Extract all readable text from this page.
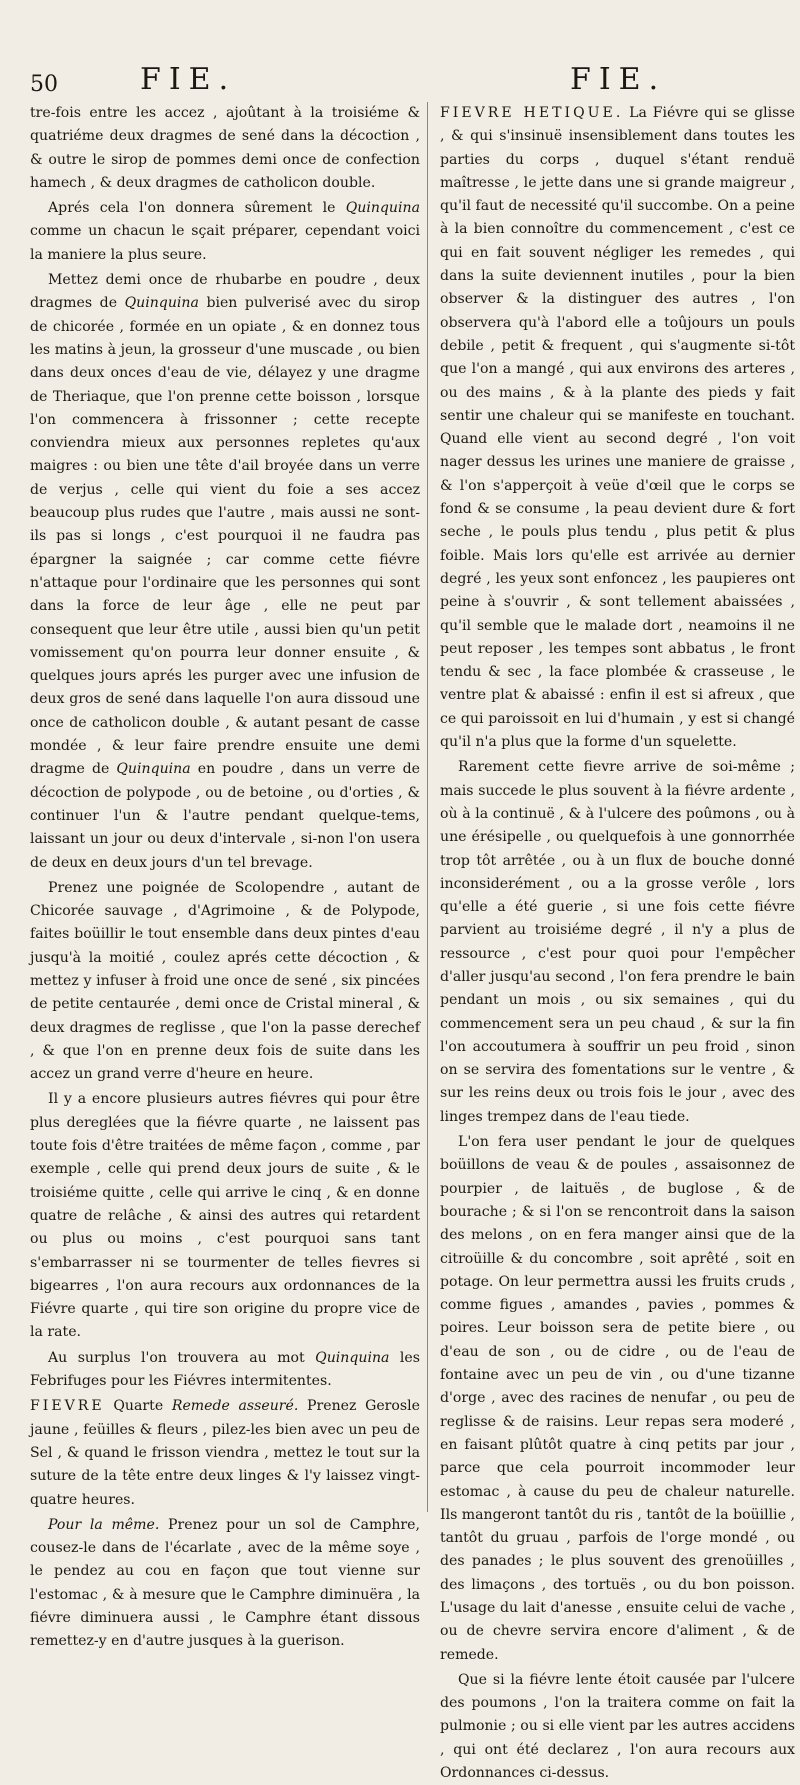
50	FIE.	FIE.

tre-fois entre les accez , ajoûtant à la troisiéme & quatriéme deux dragmes de sené dans la décoction , & outre le sirop de pommes demi once de confection hamech , & deux dragmes de catholicon double.

Aprés cela l'on donnera sûrement le Quinquina comme un chacun le sçait préparer, cependant voici la maniere la plus seure.

Mettez demi once de rhubarbe en poudre , deux dragmes de Quinquina bien pulverisé avec du sirop de chicorée , formée en un opiate , & en donnez tous les matins à jeun, la grosseur d'une muscade , ou bien dans deux onces d'eau de vie, délayez y une dragme de Theriaque, que l'on prenne cette boisson , lorsque l'on commencera à frissonner ; cette recepte conviendra mieux aux personnes repletes qu'aux maigres : ou bien une tête d'ail broyée dans un verre de verjus , celle qui vient du foie a ses accez beaucoup plus rudes que l'autre , mais aussi ne sont-ils pas si longs , c'est pourquoi il ne faudra pas épargner la saignée ; car comme cette fiévre n'attaque pour l'ordinaire que les personnes qui sont dans la force de leur âge , elle ne peut par consequent que leur être utile , aussi bien qu'un petit vomissement qu'on pourra leur donner ensuite , & quelques jours aprés les purger avec une infusion de deux gros de sené dans laquelle l'on aura dissoud une once de catholicon double , & autant pesant de casse mondée , & leur faire prendre ensuite une demi dragme de Quinquina en poudre , dans un verre de décoction de polypode , ou de betoine , ou d'orties , & continuer l'un & l'autre pendant quelque-tems, laissant un jour ou deux d'intervale , si-non l'on usera de deux en deux jours d'un tel brevage.

Prenez une poignée de Scolopendre , autant de Chicorée sauvage , d'Agrimoine , & de Polypode, faites boüillir le tout ensemble dans deux pintes d'eau jusqu'à la moitié , coulez aprés cette décoction , & mettez y infuser à froid une once de sené , six pincées de petite centaurée , demi once de Cristal mineral , & deux dragmes de reglisse , que l'on la passe derechef , & que l'on en prenne deux fois de suite dans les accez un grand verre d'heure en heure.

Il y a encore plusieurs autres fiévres qui pour être plus dereglées que la fiévre quarte , ne laissent pas toute fois d'être traitées de même façon , comme , par exemple , celle qui prend deux jours de suite , & le troisiéme quitte , celle qui arrive le cinq , & en donne quatre de relâche , & ainsi des autres qui retardent ou plus ou moins , c'est pourquoi sans tant s'embarrasser ni se tourmenter de telles fievres si bigearres , l'on aura recours aux ordonnances de la Fiévre quarte , qui tire son origine du propre vice de la rate.

Au surplus l'on trouvera au mot Quinquina les Febrifuges pour les Fiévres intermitentes.

FIEVRE Quarte Remede asseuré. Prenez Gerosle jaune , feüilles & fleurs , pilez-les bien avec un peu de Sel , & quand le frisson viendra , mettez le tout sur la suture de la tête entre deux linges & l'y laissez vingt-quatre heures.

Pour la même. Prenez pour un sol de Camphre, cousez-le dans de l'écarlate , avec de la même soye , le pendez au cou en façon que tout vienne sur l'estomac , & à mesure que le Camphre diminuëra , la fiévre diminuera aussi , le Camphre étant dissous remettez-y en d'autre jusques à la guerison.

FIEVRE HETIQUE. La Fiévre qui se glisse , & qui s'insinuë insensiblement dans toutes les parties du corps , duquel s'étant renduë maîtresse , le jette dans une si grande maigreur , qu'il faut de necessité qu'il succombe. On a peine à la bien connoître du commencement , c'est ce qui en fait souvent négliger les remedes , qui dans la suite deviennent inutiles , pour la bien observer & la distinguer des autres , l'on observera qu'à l'abord elle a toûjours un pouls debile , petit & frequent , qui s'augmente si-tôt que l'on a mangé , qui aux environs des arteres , ou des mains , & à la plante des pieds y fait sentir une chaleur qui se manifeste en touchant. Quand elle vient au second degré , l'on voit nager dessus les urines une maniere de graisse , & l'on s'apperçoit à veüe d'œil que le corps se fond & se consume , la peau devient dure & fort seche , le pouls plus tendu , plus petit & plus foible. Mais lors qu'elle est arrivée au dernier degré , les yeux sont enfoncez , les paupieres ont peine à s'ouvrir , & sont tellement abaissées , qu'il semble que le malade dort , neamoins il ne peut reposer , les tempes sont abbatus , le front tendu & sec , la face plombée & crasseuse , le ventre plat & abaissé : enfin il est si afreux , que ce qui paroissoit en lui d'humain , y est si changé qu'il n'a plus que la forme d'un squelette.

Rarement cette fievre arrive de soi-même ; mais succede le plus souvent à la fiévre ardente , où à la continuë , & à l'ulcere des poûmons , ou à une érésipelle , ou quelquefois à une gonnorrhée trop tôt arrêtée , ou à un flux de bouche donné inconsiderément , ou a la grosse verôle , lors qu'elle a été guerie , si une fois cette fiévre parvient au troisiéme degré , il n'y a plus de ressource , c'est pour quoi pour l'empêcher d'aller jusqu'au second , l'on fera prendre le bain pendant un mois , ou six semaines , qui du commencement sera un peu chaud , & sur la fin l'on accoutumera à souffrir un peu froid , sinon on se servira des fomentations sur le ventre , & sur les reins deux ou trois fois le jour , avec des linges trempez dans de l'eau tiede.

L'on fera user pendant le jour de quelques boüillons de veau & de poules , assaisonnez de pourpier , de laituës , de buglose , & de bourache ; & si l'on se rencontroit dans la saison des melons , on en fera manger ainsi que de la citroüille & du concombre , soit aprêté , soit en potage. On leur permettra aussi les fruits cruds , comme figues , amandes , pavies , pommes & poires. Leur boisson sera de petite biere , ou d'eau de son , ou de cidre , ou de l'eau de fontaine avec un peu de vin , ou d'une tizanne d'orge , avec des racines de nenufar , ou peu de reglisse & de raisins. Leur repas sera moderé , en faisant plûtôt quatre à cinq petits par jour , parce que cela pourroit incommoder leur estomac , à cause du peu de chaleur naturelle. Ils mangeront tantôt du ris , tantôt de la boüillie , tantôt du gruau , parfois de l'orge mondé , ou des panades ; le plus souvent des grenoüilles , des limaçons , des tortuës , ou du bon poisson. L'usage du lait d'anesse , ensuite celui de vache , ou de chevre servira encore d'aliment , & de remede.

Que si la fiévre lente étoit causée par l'ulcere des poumons , l'on la traitera comme on fait la pulmonie ; ou si elle vient par les autres accidens , qui ont été declarez , l'on aura recours aux Ordonnances ci-dessus.
